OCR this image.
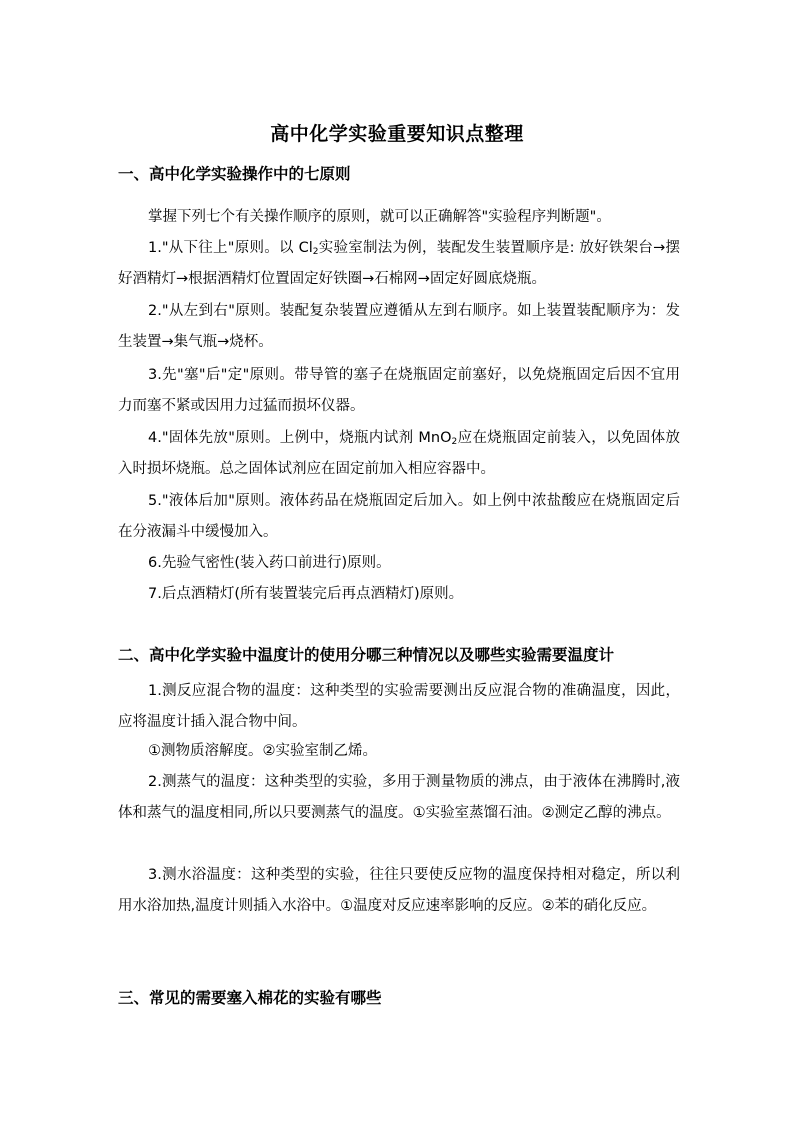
高中化学实验重要知识点整理
一、高中化学实验操作中的七原则
掌握下列七个有关操作顺序的原则，就可以正确解答"实验程序判断题"。
1."从下往上"原则。以 $Cl_2$实验室制法为例，装配发生装置顺序是: 放好铁架台→摆好酒精灯→根据酒精灯位置固定好铁圈→石棉网→固定好圆底烧瓶。
2."从左到右"原则。装配复杂装置应遵循从左到右顺序。如上装置装配顺序为：发生装置→集气瓶→烧杯。
3.先"塞"后"定"原则。带导管的塞子在烧瓶固定前塞好，以免烧瓶固定后因不宜用力而塞不紧或因用力过猛而损坏仪器。
4."固体先放"原则。上例中，烧瓶内试剂 MnO$_2$应在烧瓶固定前装入，以免固体放入时损坏烧瓶。总之固体试剂应在固定前加入相应容器中。
5."液体后加"原则。液体药品在烧瓶固定后加入。如上例中浓盐酸应在烧瓶固定后在分液漏斗中缓慢加入。
6.先验气密性(装入药口前进行)原则。
7.后点酒精灯(所有装置装完后再点酒精灯)原则。
二、高中化学实验中温度计的使用分哪三种情况以及哪些实验需要温度计
1.测反应混合物的温度：这种类型的实验需要测出反应混合物的准确温度，因此，应将温度计插入混合物中间。
①测物质溶解度。②实验室制乙烯。
2.测蒸气的温度：这种类型的实验，多用于测量物质的沸点，由于液体在沸腾时,液体和蒸气的温度相同,所以只要测蒸气的温度。①实验室蒸馏石油。②测定乙醇的沸点。
3.测水浴温度：这种类型的实验，往往只要使反应物的温度保持相对稳定，所以利用水浴加热,温度计则插入水浴中。①温度对反应速率影响的反应。②苯的硝化反应。
三、常见的需要塞入棉花的实验有哪些
